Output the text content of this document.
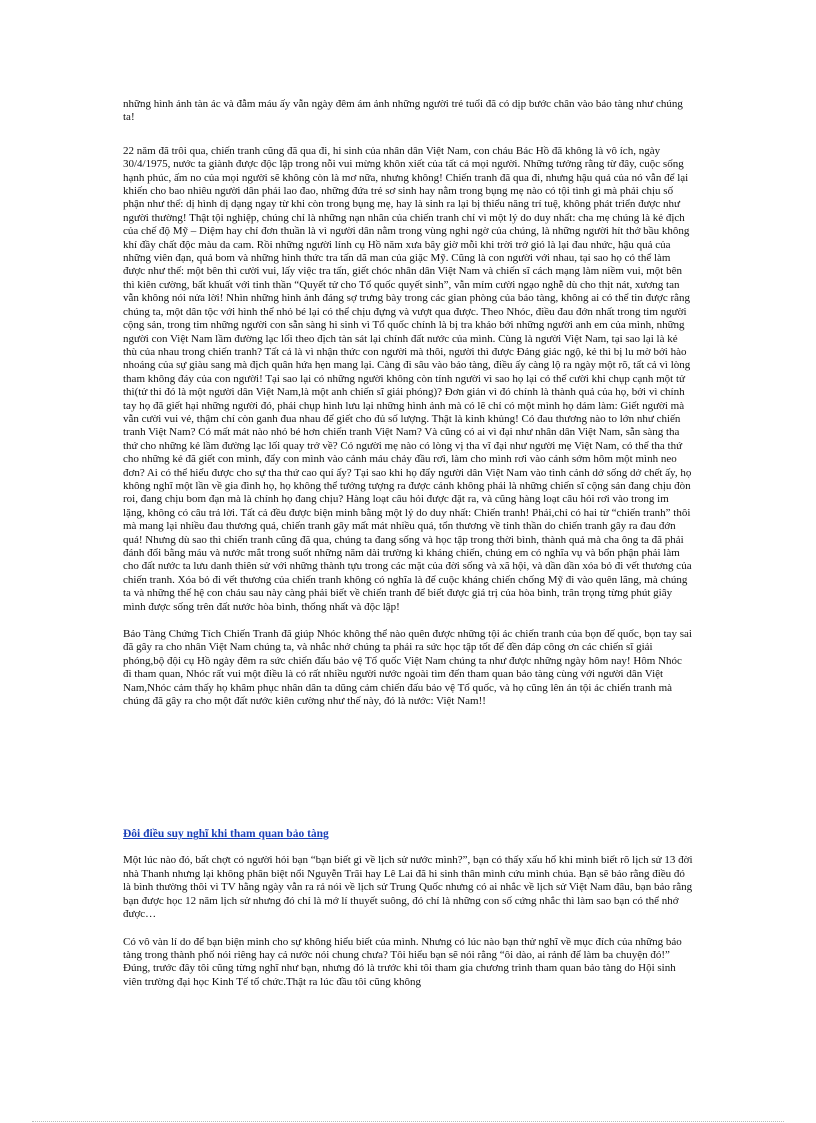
những hình ảnh tàn ác và đẫm máu ấy vẫn ngày đêm ám ảnh những người trẻ tuổi đã có dịp bước chân vào bảo tàng như chúng ta!

22 năm đã trôi qua, chiến tranh cũng đã qua đi, hi sinh của nhân dân Việt Nam, con cháu Bác Hồ đã không là vô ích, ngày 30/4/1975, nước ta giành được độc lập trong nỗi vui mừng khôn xiết của tất cả mọi người. Những tưởng rằng từ đây, cuộc sống hạnh phúc, ấm no của mọi người sẽ không còn là mơ nữa, nhưng không! Chiến tranh đã qua đi, nhưng hậu quả của nó vẫn để lại khiến cho bao nhiêu người dân phải lao đao, những đứa trẻ sơ sinh hay nằm trong bụng mẹ nào có tội tình gì mà phải chịu số phận như thế: dị hình dị dạng ngay từ khi còn trong bụng mẹ, hay là sinh ra lại bị thiểu năng trí tuệ, không phát triển được như người thường! Thật tội nghiệp, chúng chỉ là những nạn nhân của chiến tranh chỉ vì một lý do duy nhất: cha mẹ chúng là kẻ địch của chế độ Mỹ – Diệm hay chỉ đơn thuần là vì người dân nằm trong vùng nghi ngờ của chúng, là những người hít thở bầu không khí đầy chất độc màu da cam. Rồi những người lính cụ Hồ năm xưa bây giờ mỗi khi trời trở gió là lại đau nhức, hậu quả của những viên đạn, quả bom và những hình thức tra tấn dã man của giặc Mỹ. Cũng là con người với nhau, tại sao họ có thể làm được như thế: một bên thì cười vui, lấy việc tra tấn, giết chóc nhân dân Việt Nam và chiến sĩ cách mạng làm niềm vui, một bên thì kiên cường, bất khuất với tinh thần “Quyết tử cho Tổ quốc quyết sinh”, vẫn mỉm cười ngạo nghễ dù cho thịt nát, xương tan vẫn không nói nửa lời! Nhìn những hình ảnh đáng sợ trưng bày trong các gian phòng của bảo tàng, không ai có thể tin được rằng chúng ta, một dân tộc với hình thể nhỏ bé lại có thể chịu đựng và vượt qua được. Theo Nhóc, điều đau đớn nhất trong tim người cộng sản, trong tim những người con sẵn sàng hi sinh vì Tổ quốc chính là bị tra khảo bởi những người anh em của mình, những người con Việt Nam lầm đường lạc lối theo địch tàn sát lại chính đất nước của mình. Cùng là người Việt Nam, tại sao lại là kẻ thù của nhau trong chiến tranh? Tất cả là vì nhận thức con người mà thôi, người thì được Đảng giác ngộ, kẻ thì bị lu mờ bởi hào nhoáng của sự giàu sang mà địch quân hứa hẹn mang lại. Càng đi sâu vào bảo tàng, điều ấy càng lộ ra ngày một rõ, tất cả vì lòng tham không đáy của con người! Tại sao lại có những người không còn tính người vì sao họ lại có thể cười khi chụp cạnh một tử thi(tử thi đó là một người dân Việt Nam,là một anh chiến sĩ giải phóng)? Đơn giản vì đó chính là thành quả của họ, bởi vì chính tay họ đã giết hại những người đó, phải chụp hình lưu lại những hình ảnh mà có lẽ chỉ có một mình họ dám làm: Giết người mà vẫn cười vui vẻ, thậm chí còn ganh đua nhau để giết cho đủ số lượng. Thật là kinh khủng! Có đau thương nào to lớn như chiến tranh Việt Nam? Có mất mát nào nhỏ bé hơn chiến tranh Việt Nam? Và cũng có ai vì đại như nhân dân Việt Nam, sẵn sàng tha thứ cho những kẻ lầm đường lạc lối quay trở về? Có người mẹ nào có lòng vị tha vĩ đại như người mẹ Việt Nam, có thể tha thứ cho những kẻ đã giết con mình, đẩy con mình vào cảnh máu chảy đầu rơi, làm cho mình rơi vào cảnh sớm hôm một mình neo đơn? Ai có thể hiểu được cho sự tha thứ cao quí ấy? Tại sao khi họ đẩy người dân Việt Nam vào tình cảnh dở sống dở chết ấy, họ không nghĩ một lần về gia đình họ, họ không thể tưởng tượng ra được cảnh không phải là những chiến sĩ cộng sản đang chịu đòn roi, đang chịu bom đạn mà là chính họ đang chịu? Hàng loạt câu hỏi được đặt ra, và cũng hàng loạt câu hỏi rơi vào trong im lặng, không có câu trả lời. Tất cả đều được biện minh bằng một lý do duy nhất: Chiến tranh! Phải,chỉ có hai từ “chiến tranh” thôi mà mang lại nhiều đau thương quá, chiến tranh gây mất mát nhiều quá, tổn thương về tinh thần do chiến tranh gây ra đau đớn quá! Nhưng dù sao thì chiến tranh cũng đã qua, chúng ta đang sống và học tập trong thời bình, thành quả mà cha ông ta đã phải đánh đổi bằng máu và nước mắt trong suốt những năm dài trường kì kháng chiến, chúng em có nghĩa vụ và bổn phận phải làm cho đất nước ta lưu danh thiên sử với những thành tựu trong các mặt của đời sống và xã hội, và dần dần xóa bỏ đi vết thương của chiến tranh. Xóa bỏ đi vết thương của chiến tranh không có nghĩa là để cuộc kháng chiến chống Mỹ đi vào quên lãng, mà chúng ta và những thế hệ con cháu sau này càng phải biết về chiến tranh để biết được giá trị của hòa bình, trân trọng từng phút giây mình được sống trên đất nước hòa bình, thống nhất và độc lập!

Bảo Tàng Chứng Tích Chiến Tranh đã giúp Nhóc không thể nào quên được những tội ác chiến tranh của bọn đế quốc, bọn tay sai đã gây ra cho nhân Việt Nam chúng ta, và nhắc nhở chúng ta phải ra sức học tập tốt để đền đáp công ơn các chiến sĩ giải phóng,bộ đội cụ Hồ ngày đêm ra sức chiến đấu bảo vệ Tổ quốc Việt Nam chúng ta như được những ngày hôm nay! Hôm Nhóc đi tham quan, Nhóc rất vui một điều là có rất nhiều người nước ngoài tìm đến tham quan bảo tàng cùng với người dân Việt Nam,Nhóc cảm thấy họ khâm phục nhân dân ta dũng cảm chiến đấu bảo vệ Tổ quốc, và họ cũng lên án tội ác chiến tranh mà chúng đã gây ra cho một đất nước kiên cường như thế này, đó là nước: Việt Nam!!

Đôi điều suy nghĩ khi tham quan bảo tàng

Một lúc nào đó, bất chợt có người hỏi bạn “bạn biết gì về lịch sử nước mình?”, bạn có thấy xấu hổ khi mình biết rõ lịch sử 13 đời nhà Thanh nhưng lại không phân biệt nổi Nguyễn Trãi hay Lê Lai đã hi sinh thân mình cứu mình chúa. Bạn sẽ bảo rằng điều đó là bình thường thôi vì TV hằng ngày vẫn ra rả nói về lịch sử Trung Quốc nhưng có ai nhắc về lịch sử Việt Nam đâu, bạn bảo rằng bạn được học 12 năm lịch sử nhưng đó chỉ là mớ lí thuyết suông, đó chỉ là những con số cứng nhắc thì làm sao bạn có thể nhớ được…

Có vô vàn lí do để bạn biện minh cho sự không hiểu biết của mình. Nhưng có lúc nào bạn thử nghĩ về mục đích của những bảo tàng trong thành phố nói riêng hay cả nước nói chung chưa? Tôi hiểu bạn sẽ nói rằng “ôi dào, ai rảnh để làm ba chuyện đó!” Đúng, trước đây tôi cũng từng nghĩ như bạn, nhưng đó là trước khi tôi tham gia chương trình tham quan bảo tàng do Hội sinh viên trường đại học Kinh Tế tổ chức.Thật ra lúc đầu tôi cũng không
